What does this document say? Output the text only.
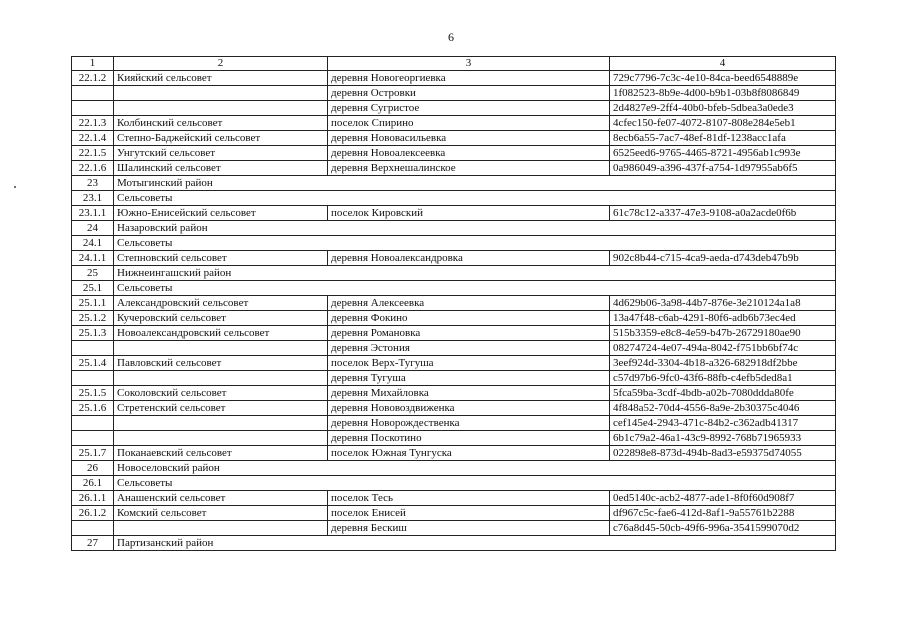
6
1	2	3	4
22.1.2	Кияйский сельсовет	деревня Новогеоргиевка	729c7796-7c3c-4e10-84ca-beed6548889e
		деревня Островки	1f082523-8b9e-4d00-b9b1-03b8f8086849
		деревня Сугристое	2d4827e9-2ff4-40b0-bfeb-5dbea3a0ede3
22.1.3	Колбинский сельсовет	поселок Спирино	4cfec150-fe07-4072-8107-808e284e5eb1
22.1.4	Степно-Баджейский сельсовет	деревня Нововасильевка	8ecb6a55-7ac7-48ef-81df-1238acc1afa
22.1.5	Унгутский сельсовет	деревня Новоалексеевка	6525eed6-9765-4465-8721-4956ab1c993e
22.1.6	Шалинский сельсовет	деревня Верхнешалинское	0a986049-a396-437f-a754-1d97955ab6f5
23	Мотыгинский район		
23.1	Сельсоветы		
23.1.1	Южно-Енисейский сельсовет	поселок Кировский	61c78c12-a337-47e3-9108-a0a2acde0f6b
24	Назаровский район		
24.1	Сельсоветы		
24.1.1	Степновский сельсовет	деревня Новоалександровка	902c8b44-c715-4ca9-aeda-d743deb47b9b
25	Нижнеингашский район		
25.1	Сельсоветы		
25.1.1	Александровский сельсовет	деревня Алексеевка	4d629b06-3a98-44b7-876e-3e210124a1a8
25.1.2	Кучеровский сельсовет	деревня Фокино	13a47f48-c6ab-4291-80f6-adb6b73ec4ed
25.1.3	Новоалександровский сельсовет	деревня Романовка	515b3359-e8c8-4e59-b47b-26729180ae90
		деревня Эстония	08274724-4e07-494a-8042-f751bb6bf74c
25.1.4	Павловский сельсовет	поселок Верх-Тугуша	3eef924d-3304-4b18-a326-682918df2bbe
		деревня Тугуша	c57d97b6-9fc0-43f6-88fb-c4efb5ded8a1
25.1.5	Соколовский сельсовет	деревня Михайловка	5fca59ba-3cdf-4bdb-a02b-7080ddda80fe
25.1.6	Стретенский сельсовет	деревня Нововоздвиженка	4f848a52-70d4-4556-8a9e-2b30375c4046
		деревня Новорождественка	cef145e4-2943-471c-84b2-c362adb41317
		деревня Поскотино	6b1c79a2-46a1-43c9-8992-768b71965933
25.1.7	Поканаевский сельсовет	поселок Южная Тунгуска	022898e8-873d-494b-8ad3-e59375d74055
26	Новоселовский район		
26.1	Сельсоветы		
26.1.1	Анашенский сельсовет	поселок Тесь	0ed5140c-acb2-4877-ade1-8f0f60d908f7
26.1.2	Комский сельсовет	поселок Енисей	df967c5c-fae6-412d-8af1-9a55761b2288
		деревня Бескиш	c76a8d45-50cb-49f6-996a-3541599070d2
27	Партизанский район		
